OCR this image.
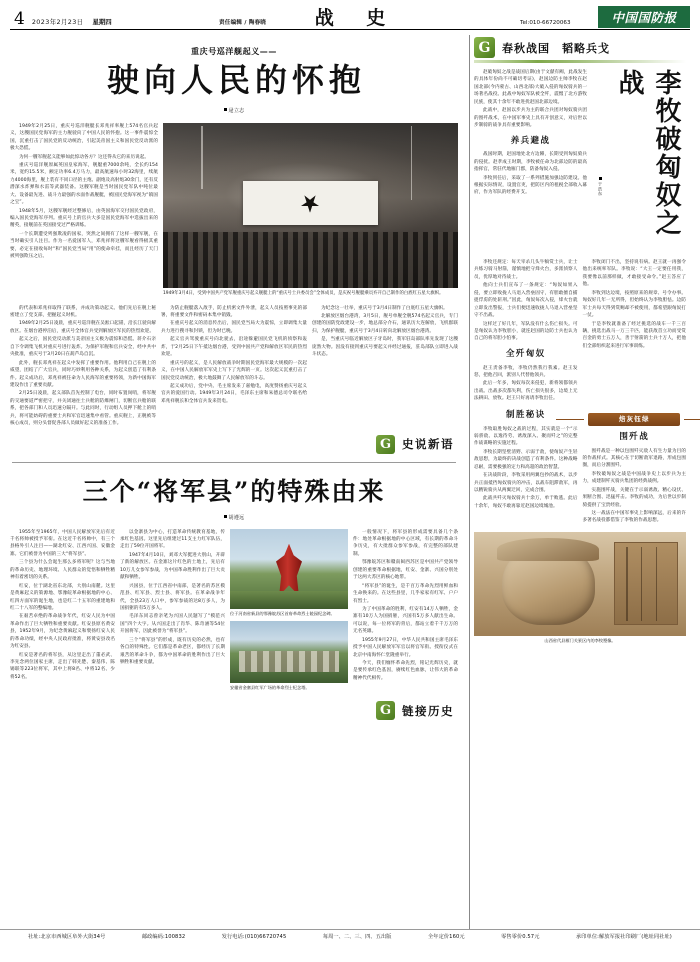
4 2023年2月23日 星期四	责任编辑 / 陶春晓	战 史	Tel:010-66720063	中国国防报
重庆号巡洋舰起义——
驶向人民的怀抱
逯立志

1949年2月25日，重庆号巡洋舰艇长邓兆祥率舰上574名官兵起义，这艘国民党海军的主力舰驶向了中国人民的怀抱。这一事件震惊全国，沉重打击了国民党的反动统治，引起美帝国主义和国民党反动派的极大恐慌。

为何一艘军舰起义能够如此惊动各方？这还得从它的来历说起。

重庆号巡洋舰原属英国皇家海军，舰艇重7000余吨，全长约154米，宽约15.5米，额定功率6.4万马力，最高航速每小时32海里，续航力4000海里，舰上装有不同口径的主炮、副炮及高射炮30余门，还有反潜深水炸弹和水雷等武器装备。这艘军舰是当时国民党军队中吨位最大、设备最先进、战斗力最强的水面作战舰艇，被国民党海军视为“镇国之宝”。

1948年5月，这艘军舰经过整修后，由英国海军交付国民党政府，编入国民党海军序列。重庆号上的官兵大多是国民党海军中选拔出来的精英，接舰前在英国接受过严格训练。

一个长期遭受列强欺凌的国家，突然之间拥有了这样一艘军舰，在当时确实引人注目。作为一名爱国军人，邓兆祥将这艘军舰看得极其重要，必定在接收每时“和”国民党当局“用”的使命牵挂，而且经历了天门被列强欺压之后。

1949年3月4日，受到中国共产党军舰重庆号起义舰艇上的“重庆号士兵委员会”全体成员，是庆祝号舰艇乘员弃开自己制作的白底红五星大旗帜。

的代表和邓兆祥取得了联系，并成功策动起义。他们先后在舰上秘密建立了党支部，把握起义时机。

1949年2月25日凌晨，重庆号巡洋舰在吴淞口起锚，沿长江驶向解放区。在烟台港停泊后，重庆号全体官兵受到解放区军民的热烈欢迎。

起义之后，国民党反动派与美帝国主义极为震惊和恐慌。蒋介石亲自下令调集飞机对重庆号进行轰炸。为保护军舰和官兵安全，经中共中央批准，重庆号于3月20日在葫芦岛自沉。

此外，舰长邓兆祥在起义中发挥了重要作用。他利用自己在舰上的威望，团结了广大官兵，同时巧妙利用各种关系，为起义创造了有利条件。起义成功后，邓兆祥被任命为人民海军的重要将领，为新中国海军建设作出了重要贡献。

2月25日凌晨，起义部队首先控制了电台，同时布置岗哨，将军舰的交通要道严密把守，并关闭通往士兵舱的防爆闸门，切断官兵舱的联系，把各部门和人员迅速分隔开。与此同时，行动组人员押下舱上的哨兵，将可能妨碍的重要士兵和军官迅速集中看管。重庆舰上，正舰被等核心成员，则分头督促各部人员做好起义的准备工作。

为防止舰艇落入敌手，防止机密文件外泄，起义人员按照事先的部署，将重要文件和密码本集中销毁。

在重庆号起义的消息传出后，国民党当局大为震惊，立即调集大量兵力进行搜寻和封锁，但为时已晚。

起义官兵驾驶重庆号向北驶去，沿途躲避国民党飞机的侦察和轰炸，于2月25日下午抵达烟台港，受到中国共产党和解放区军民的热烈欢迎。

重庆号的起义，是人民解放战争时期国民党海军最大规模的一次起义，在中国人民解放军军史上写下了光辉的一页。这次起义沉重打击了国民党反动统治，极大地鼓舞了人民解放军的斗志。

起义成功后，党中央、毛主席发来了嘉勉电，高度赞扬重庆号起义官兵的爱国行动。1949年3月24日，毛泽东主席和朱德总司令联名给邓兆祥舰长和全体官兵发来贺电。

为纪念这一壮举，重庆号于3月4日制作了白底红五星大旗帜。

北解放区烟台港湾，3月5日，舰号单舰全舰574名起义官兵，专门创建的国防党政建设一步，地总部分介石，通讯历大连解放，飞机群联扫，为保护舰艇，重庆号于3月4日转向北解放区烟台港湾。

是，当重庆号临近解放区子牙岛时，我军驻岛部队率先发现了这艘庞然大物。因没有接到重庆号要起义并经过通报，驻岛部队立即进入战斗状态。

G
史说新语
三个“将军县”的特殊由来
胡遵远

1955年至1965年，中国人民解放军先后有近千名将帅被授予军衔。在这近千名将帅中，有三个县格外引人注目——湖北红安、江西兴国、安徽金寨。它们被誉为中国的三大“将军县”。

三个县为什么会诞生那么多将军呢？这与当地的革命历史、地理环境、人民群众的觉悟和牺牲精神有着密切的关系。

红安，位于湖北省东北部，大别山南麓。这里是黄麻起义的策源地、鄂豫皖革命根据地的中心、红四方面军的诞生地，也是红二十五军的重建地和红二十八军的整编地。

在艰苦卓绝的革命战争年代，红安人民为中国革命作出了巨大牺牲和重要贡献。红安县原名黄安县，1952年9月，为纪念黄麻起义和褒扬红安人民的革命功绩，经中央人民政府批准，将黄安县改名为红安县。

红安是著名的将军县，从这里走出了董必武、李先念两位国家主席，走出了韩先楚、秦基伟、陈锡联等223位将军，其中上将8名、中将12名、少将52名。

以金寨县为中心，打造革命传统教育基地，传承红色基因。这里先后组建过11支主力红军队伍，走出了59位开国将军。

1947年4月10日，刘邓大军挺进大别山，开辟了新的解放区。在金寨这片红色的土地上，先后有10万儿女参军参战，为中国革命胜利作出了巨大贡献和牺牲。

兴国县，位于江西省中南部，是著名的苏区模范县、红军县、烈士县、将军县。在革命战争年代，全县23万人口中，参军参战的达8万多人，为国捐躯的有5万多人。

毛泽东同志曾亲笔为兴国人民题写了“模范兴国”四个大字。从兴国走出了肖华、陈奇涵等54位开国将军，因此被誉为“将军县”。

三个“将军县”的形成，既有历史的必然，也有各自的特殊性。它们都是革命老区，都经历了长期艰苦的革命斗争，都为中国革命的胜利作出了巨大牺牲和重要贡献。

位于河南省新县的鄂豫皖苏区首府革命烈士陵园纪念碑。
安徽省金寨县红军广场的革命烈士纪念塔。

一般情况下，将军县的形成需要具备几个条件：地处革命根据地的中心区域，有长期的革命斗争历史，有大批群众参军参战，有完整的部队建制。

鄂豫皖苏区和赣南闽西苏区是中国共产党领导创建的重要革命根据地，红安、金寨、兴国分别处于这两大苏区的核心地带。

“将军县”的诞生，是千百万革命先烈用鲜血和生命换来的。在这些县里，几乎家家有红军、户户有烈士。

为了中国革命的胜利，红安有14万人牺牲，金寨有10万人为国捐躯，兴国有5万多人献出生命。可以说，每一位将军的背后，都站立着千千万万的无名英雄。

1955年9月27日，中华人民共和国主席毛泽东授予中国人民解放军军官以将官军衔。授衔仪式在北京中南海怀仁堂隆重举行。

今天，我们缅怀革命先烈，铭记光辉历史，就是要传承红色基因，赓续红色血脉，让伟大的革命精神代代相传。

G
链接历史
G
春秋战国　韬略兵戈

赵破匈奴之战是战国后期(由于文献有阙，此战发生的具体年份尚不可确切考证)，赵国边防主帅李牧在赵国北部(今内蒙古、山西北部)大破入侵的匈奴骑兵的一场著名战役。此战中匈奴军队被全歼，震慑了北方游牧民族，使其十余年不敢进扰赵国北部边境。

此战中，赵国以步兵为主的联合兵团对匈奴骑兵团的围歼战术，在中国军事史上具有开创意义，对后世以步制骑的战争具有重要影响。

养兵避战

战国时期，赵国地处北方边陲，长期受到匈奴骑兵的侵扰。赵孝成王时期，李牧被任命为北部边防的最高指挥官，常驻代地雁门郡，防备匈奴入侵。

李牧到任后，采取了一系列措施加强边防建设。他根据实际情况，设置官吏，把防区内的租税全部收入幕府，作为军队的经费开支。	于浩东	李牧破匈奴之战

李牧还规定：每天宰杀几头牛犒赏士兵，让士兵练习骑马射箭，谨慎地把守烽火台，多派侦察人员，优厚地对待战士。

他向士兵们宣布了一条规定：“匈奴如果入侵，要立即收拢人马退入营垒固守，有胆敢擅自捕捉俘虏的处斩刑。”因此，匈奴每次入侵，烽火台就立即发出警报，士兵们便迅速收拢人马退入营垒坚守不出战。

这样过了好几年，军队没有什么伤亡损失。可是匈奴认为李牧胆小，就连赵国的边防士兵也认为自己的将军胆小怕事。

全歼匈奴

赵王责备李牧，李牧仍然我行我素。赵王发怒，把他召回，派别人代替他领兵。

此后一年多，匈奴每次来侵犯，新将领都领兵出战。出战多次都失利，伤亡损失很多，边境上无法耕田、放牧。赵王只好再请李牧出任。

李牧闭门不出，坚持说有病。赵王就一再强令他出来统率军队。李牧说：“大王一定要任用我，我要像以前那样做，才敢接受命令。”赵王答应了他。

李牧到达边境，按照原来的规章、号令办事。匈奴好几年一无所得，但始终认为李牧胆怯。边防军士兵每天得到赏赐却不被使用，都希望跟匈奴打一仗。

于是李牧就准备了经过挑选的战车一千三百辆，挑选出战马一万三千匹，能获敌首立功而受赏百金的勇士五万人，善于射箭的士兵十万人，把他们全部组织起来进行军事训练。

制胜秘诀

李牧取胜匈奴之战的过程，其实就是一个“示弱骄敌、以逸待劳、诱敌深入、聚而歼之”的完整作战谋略的实施过程。

李牧长期坚壁清野、示弱于敌，使匈奴产生轻敌思想，为最终的决战创造了有利条件。这种战略忍耐，需要极强的定力和高超的政治智慧。

在决战阶段，李牧采用两翼包抄的战术，以步兵正面抵挡匈奴骑兵的冲击，以战车阻滞敌军，再以精锐骑兵从两翼迂回，完成合围。

此战共歼灭匈奴骑兵十余万，单于败逃。此后十余年，匈奴不敢再靠近赵国边境城池。

焙灰钰绿
围歼战

围歼战是一种以包围歼灭敌人有生力量为目的的作战样式。其核心在于切断敌军退路，形成包围圈，而后分割围歼。

李牧破匈奴之战是中国战争史上以步兵为主力，成建制歼灭骑兵集团的经典战例。

实施围歼战，关键在于示弱诱敌、精心设伏、果断合围、迅猛歼击。李牧的成功，为后世以步制骑提供了宝贵经验。

这一战法在中国军事史上影响深远，后来的许多著名战役都借鉴了李牧的作战思想。

山西省代县雁门关景区内的李牧塑像。
社址:北京市西城区阜外大街34号	邮政编码:100832	发行电话:(010)66720745	每周一、二、三、四、五出版	全年定价160元	零售零价0.57元	承印单位:解放军报社印刷厂(地址同社址)
